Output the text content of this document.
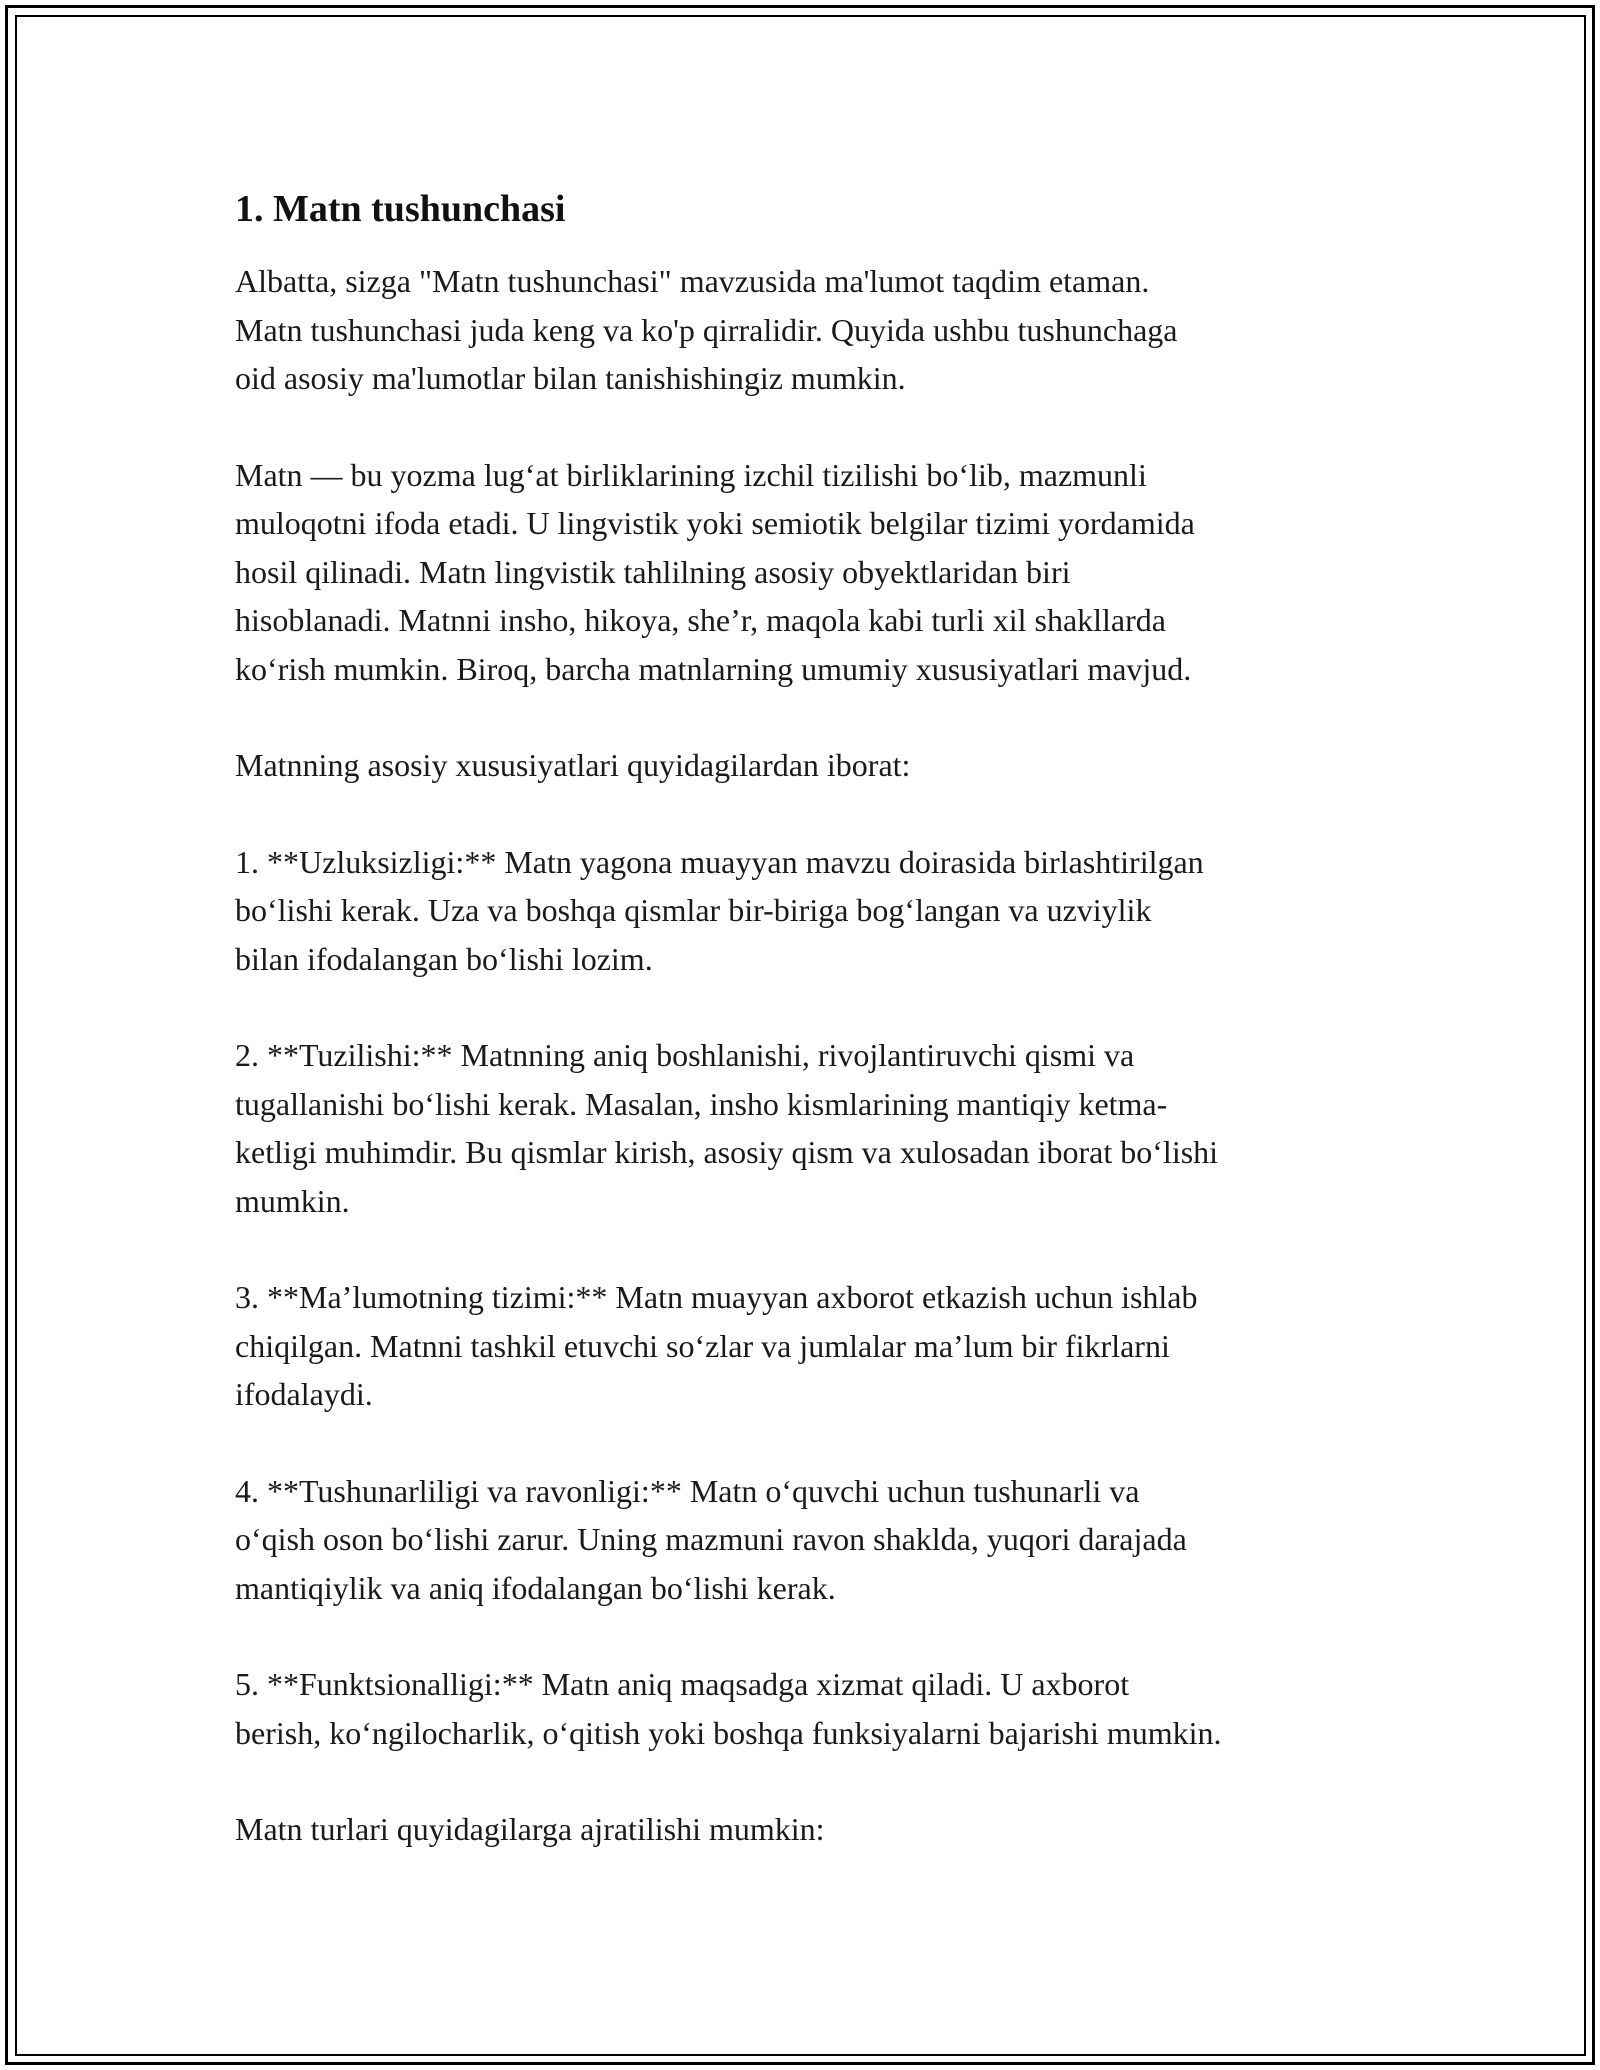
1. Matn tushunchasi

Albatta, sizga "Matn tushunchasi" mavzusida ma'lumot taqdim etaman.
Matn tushunchasi juda keng va ko'p qirralidir. Quyida ushbu tushunchaga
oid asosiy ma'lumotlar bilan tanishishingiz mumkin.

Matn — bu yozma lug‘at birliklarining izchil tizilishi bo‘lib, mazmunli
muloqotni ifoda etadi. U lingvistik yoki semiotik belgilar tizimi yordamida
hosil qilinadi. Matn lingvistik tahlilning asosiy obyektlaridan biri
hisoblanadi. Matnni insho, hikoya, she’r, maqola kabi turli xil shakllarda
ko‘rish mumkin. Biroq, barcha matnlarning umumiy xususiyatlari mavjud.

Matnning asosiy xususiyatlari quyidagilardan iborat:

1. **Uzluksizligi:** Matn yagona muayyan mavzu doirasida birlashtirilgan
bo‘lishi kerak. Uza va boshqa qismlar bir-biriga bog‘langan va uzviylik
bilan ifodalangan bo‘lishi lozim.

2. **Tuzilishi:** Matnning aniq boshlanishi, rivojlantiruvchi qismi va
tugallanishi bo‘lishi kerak. Masalan, insho kismlarining mantiqiy ketma-
ketligi muhimdir. Bu qismlar kirish, asosiy qism va xulosadan iborat bo‘lishi
mumkin.

3. **Ma’lumotning tizimi:** Matn muayyan axborot etkazish uchun ishlab
chiqilgan. Matnni tashkil etuvchi so‘zlar va jumlalar ma’lum bir fikrlarni
ifodalaydi.

4. **Tushunarliligi va ravonligi:** Matn o‘quvchi uchun tushunarli va
o‘qish oson bo‘lishi zarur. Uning mazmuni ravon shaklda, yuqori darajada
mantiqiylik va aniq ifodalangan bo‘lishi kerak.

5. **Funktsionalligi:** Matn aniq maqsadga xizmat qiladi. U axborot
berish, ko‘ngilocharlik, o‘qitish yoki boshqa funksiyalarni bajarishi mumkin.

Matn turlari quyidagilarga ajratilishi mumkin:
